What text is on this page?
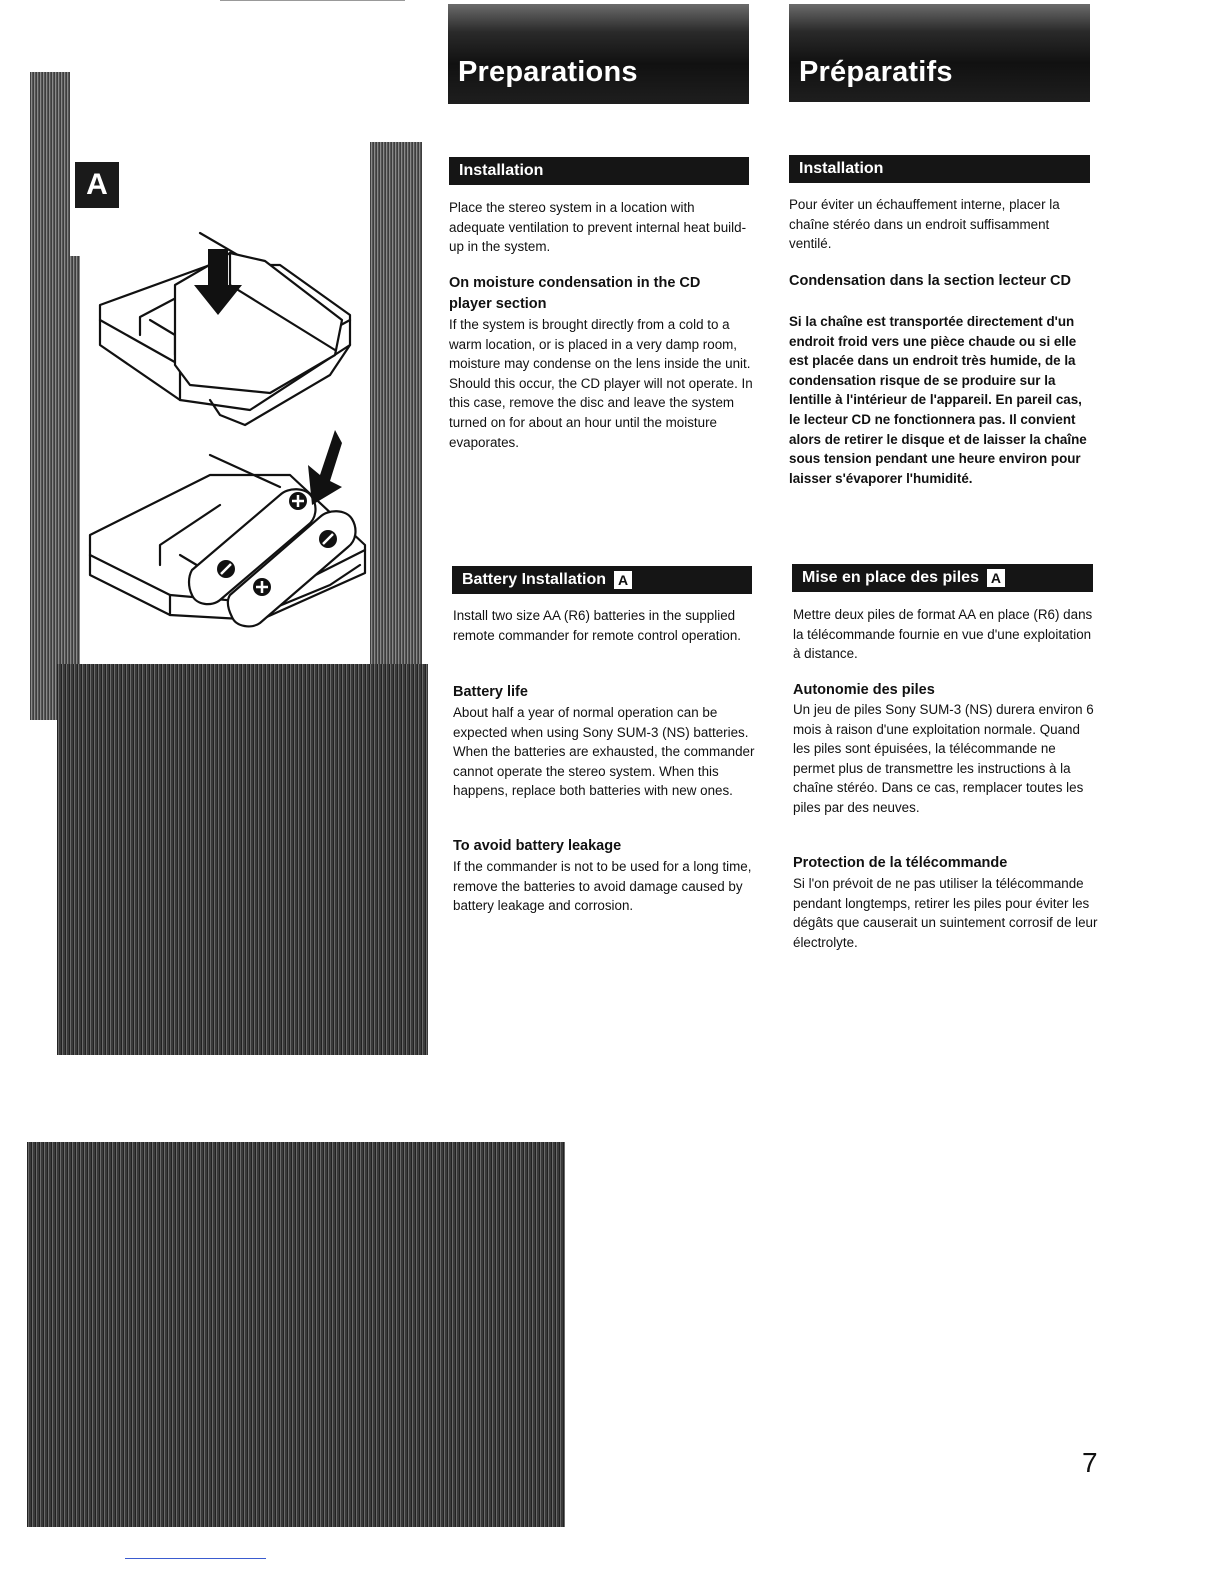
A
Preparations	Préparatifs
Installation

Place the stereo system in a location with adequate ventilation to prevent internal heat build-up in the system.

On moisture condensation in the CD player section

If the system is brought directly from a cold to a warm location, or is placed in a very damp room, moisture may condense on the lens inside the unit. Should this occur, the CD player will not operate. In this case, remove the disc and leave the system turned on for about an hour until the moisture evaporates.

Battery Installation A

Install two size AA (R6) batteries in the supplied remote commander for remote control operation.

Battery life

About half a year of normal operation can be expected when using Sony SUM-3 (NS) batteries. When the batteries are exhausted, the commander cannot operate the stereo system. When this happens, replace both batteries with new ones.

To avoid battery leakage

If the commander is not to be used for a long time, remove the batteries to avoid damage caused by battery leakage and corrosion.

Installation

Pour éviter un échauffement interne, placer la chaîne stéréo dans un endroit suffisamment ventilé.

Condensation dans la section lecteur CD

Si la chaîne est transportée directement d'un endroit froid vers une pièce chaude ou si elle est placée dans un endroit très humide, de la condensation risque de se produire sur la lentille à l'intérieur de l'appareil. En pareil cas, le lecteur CD ne fonctionnera pas. Il convient alors de retirer le disque et de laisser la chaîne sous tension pendant une heure environ pour laisser s'évaporer l'humidité.

Mise en place des piles A

Mettre deux piles de format AA en place (R6) dans la télécommande fournie en vue d'une exploitation à distance.

Autonomie des piles

Un jeu de piles Sony SUM-3 (NS) durera environ 6 mois à raison d'une exploitation normale. Quand les piles sont épuisées, la télécommande ne permet plus de transmettre les instructions à la chaîne stéréo. Dans ce cas, remplacer toutes les piles par des neuves.

Protection de la télécommande

Si l'on prévoit de ne pas utiliser la télécommande pendant longtemps, retirer les piles pour éviter les dégâts que causerait un suintement corrosif de leur électrolyte.

7
